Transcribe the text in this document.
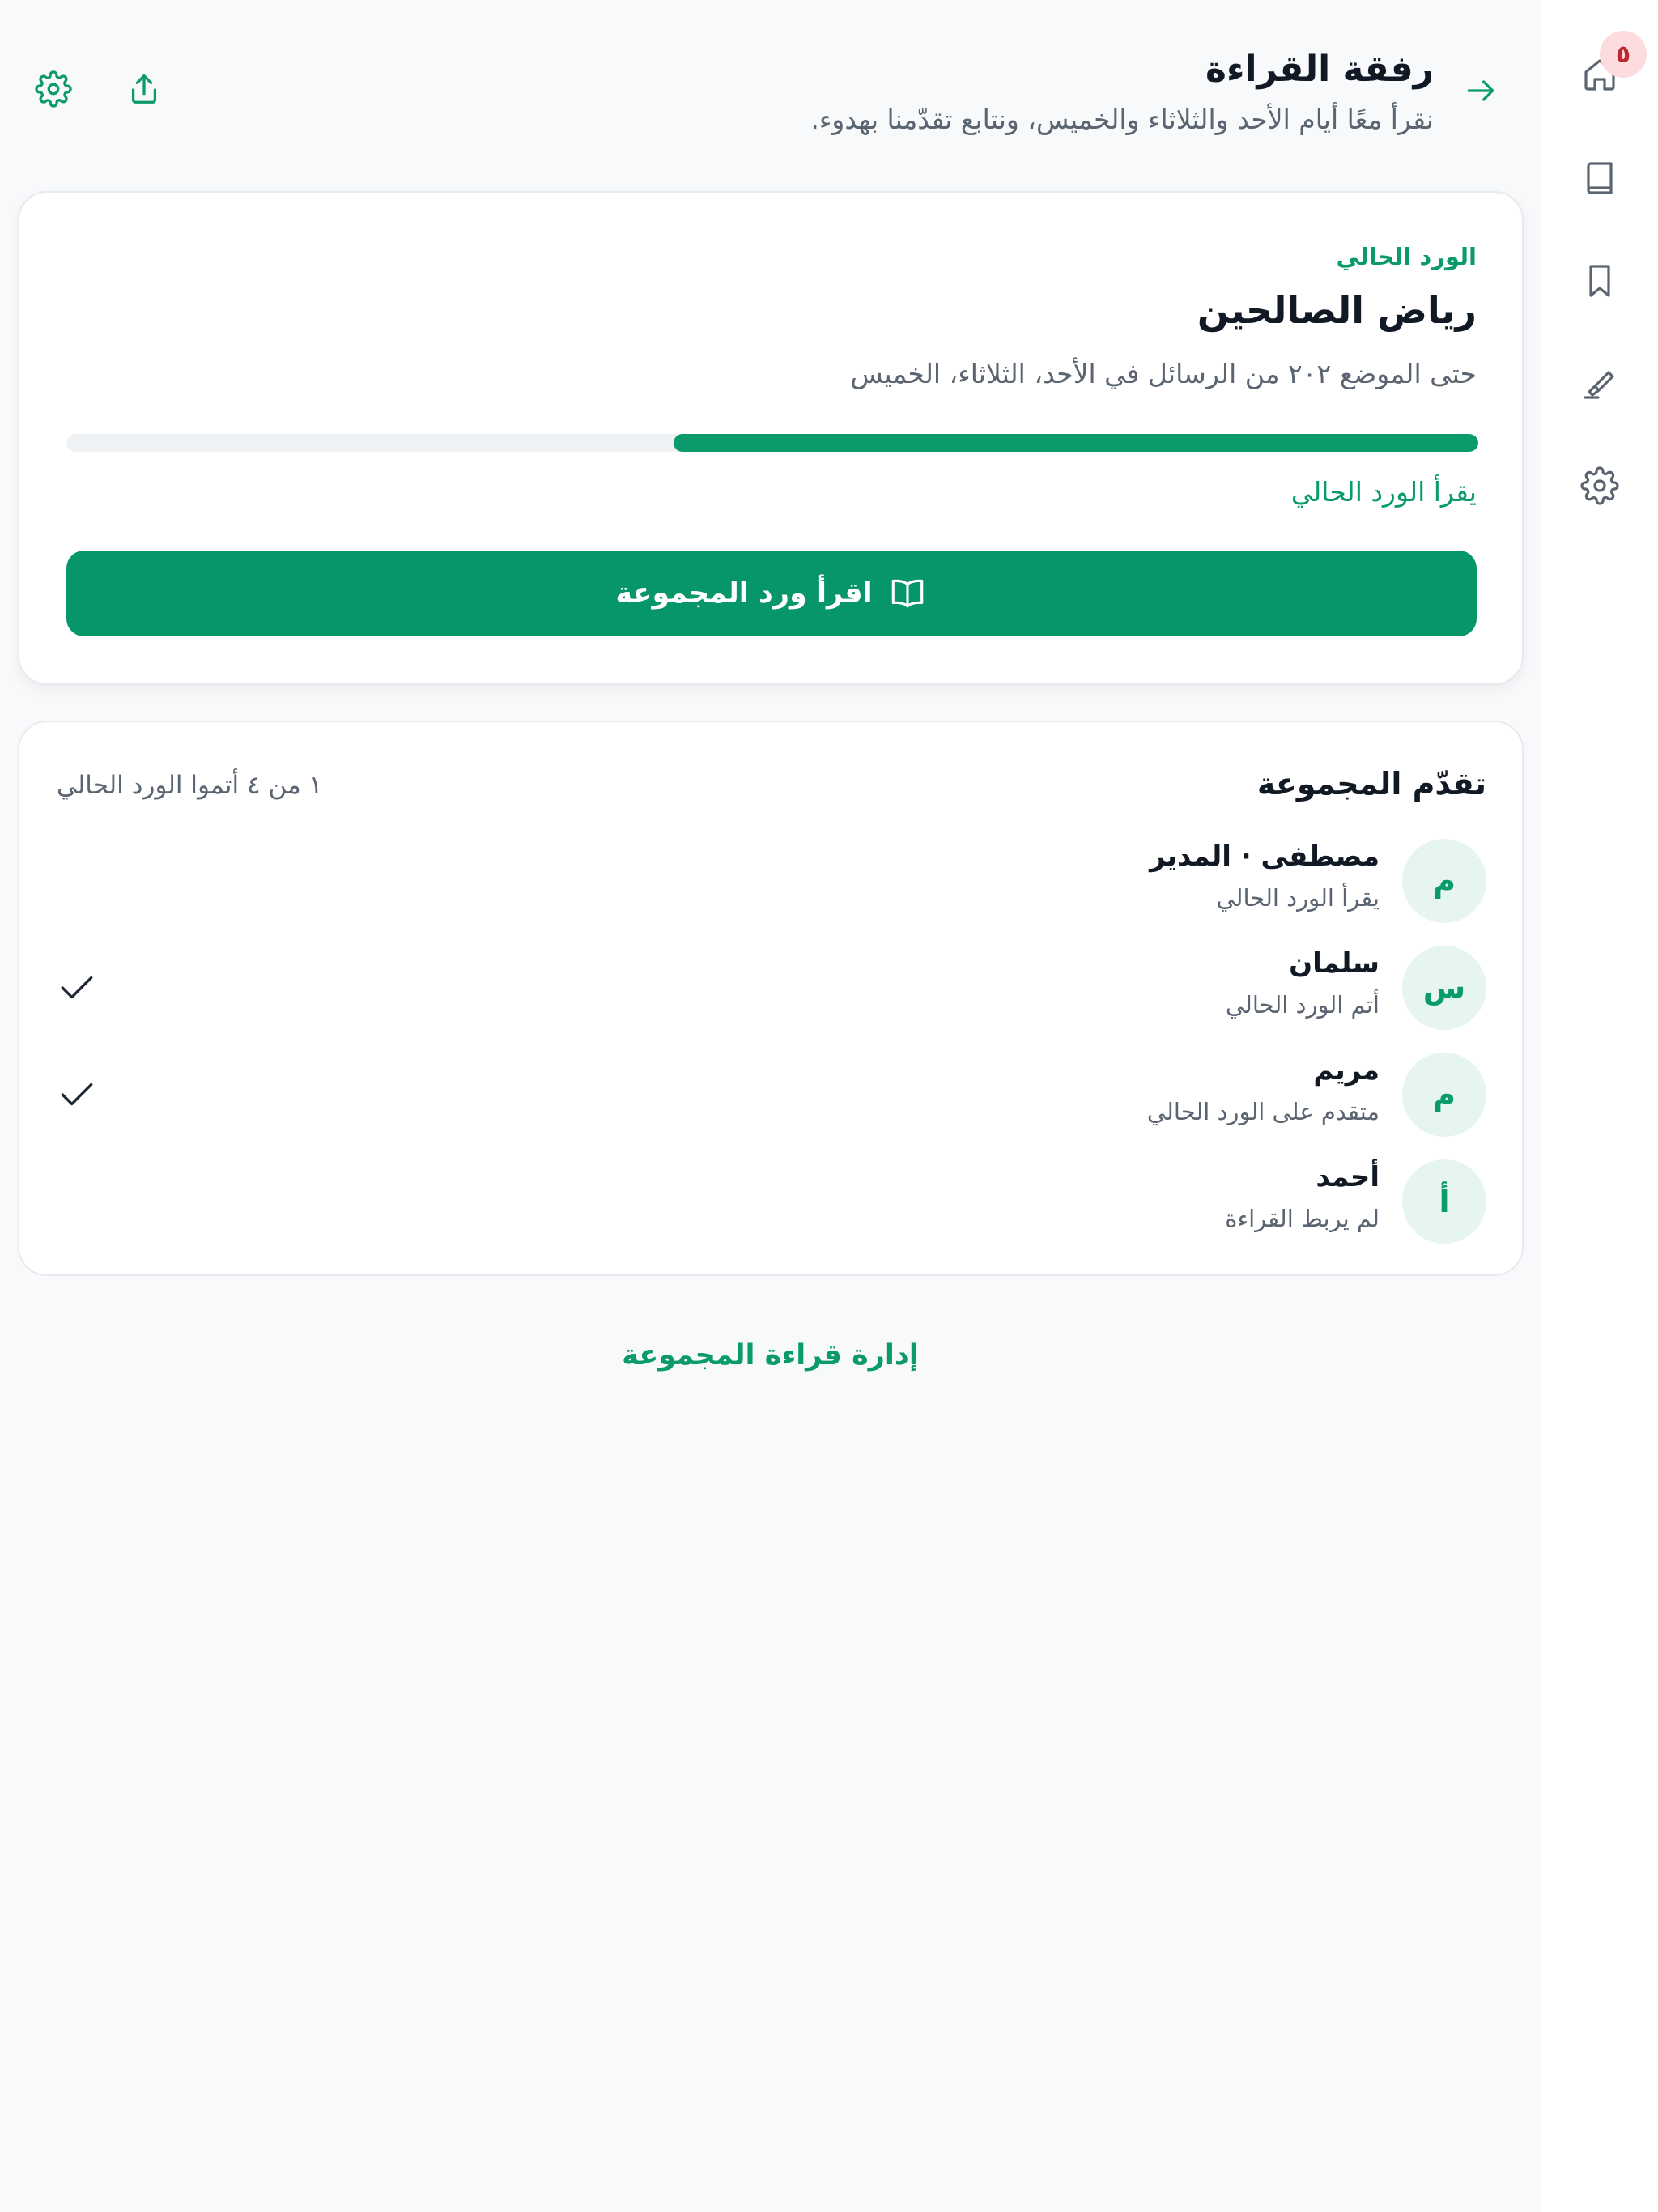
٥
رفقة القراءة
نقرأ معًا أيام الأحد والثلاثاء والخميس، ونتابع تقدّمنا بهدوء.
الورد الحالي
رياض الصالحين
حتى الموضع ٢٠٢ من الرسائل في الأحد، الثلاثاء، الخميس
يقرأ الورد الحالي
اقرأ ورد المجموعة
تقدّم المجموعة
١ من ٤ أتموا الورد الحالي
م
مصطفى · المدير
يقرأ الورد الحالي
س
سلمان
أتم الورد الحالي
م
مريم
متقدم على الورد الحالي
أ
أحمد
لم يربط القراءة
إدارة قراءة المجموعة
